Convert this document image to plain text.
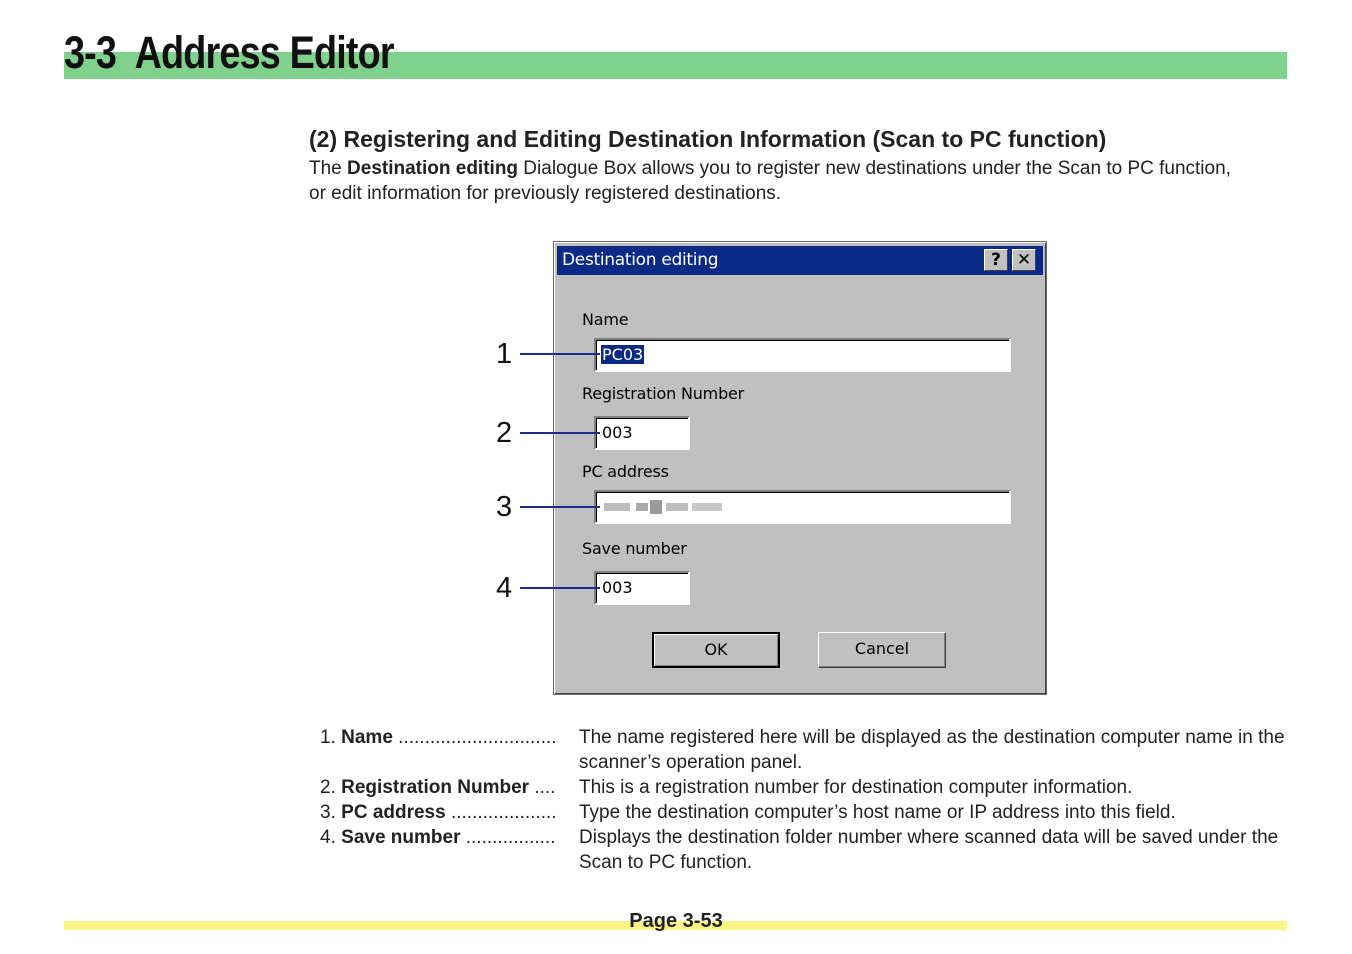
3-3 Address Editor
(2) Registering and Editing Destination Information (Scan to PC function)

The Destination editing Dialogue Box allows you to register new destinations under the Scan to PC function, or edit information for previously registered destinations.

Destination editing	? ✕
Name
PC03
Registration Number
003
PC address
Save number
003
OK	Cancel
1
2
3
4
1. Name ..............................	The name registered here will be displayed as the destination computer name in the scanner’s operation panel.
2. Registration Number ....	This is a registration number for destination computer information.
3. PC address ....................	Type the destination computer’s host name or IP address into this field.
4. Save number .................	Displays the destination folder number where scanned data will be saved under the Scan to PC function.
Page 3-53
